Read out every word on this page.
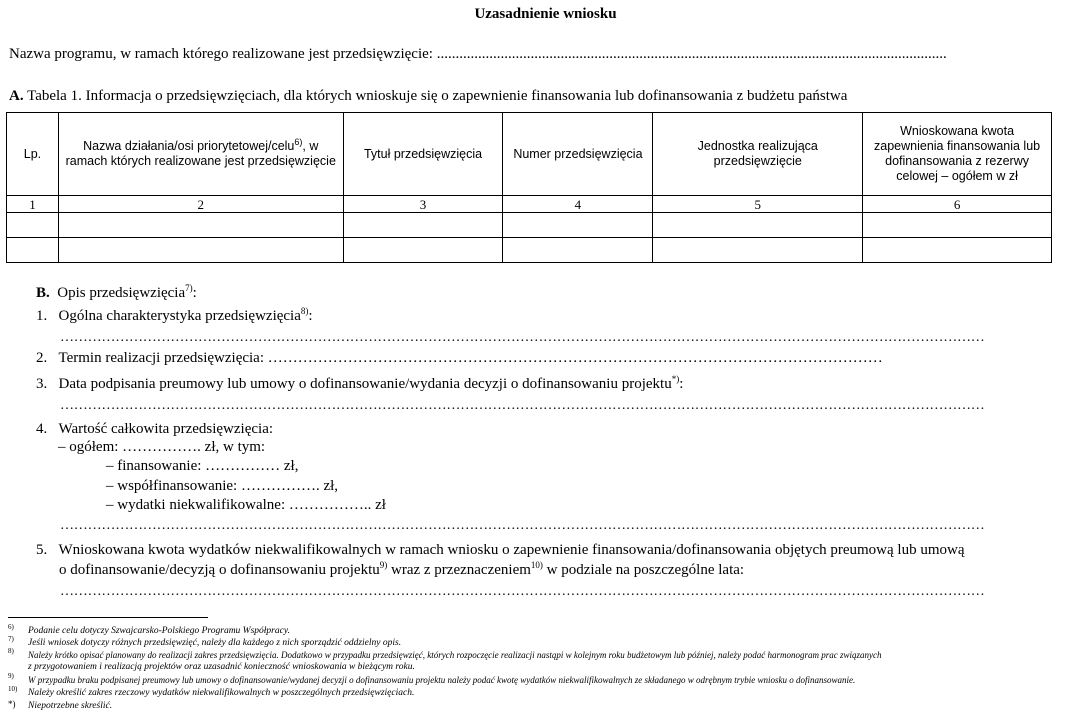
Uzasadnienie wniosku
Nazwa programu, w ramach którego realizowane jest przedsięwzięcie: ........................................................................................................................................
A. Tabela 1. Informacja o przedsięwzięciach, dla których wnioskuje się o zapewnienie finansowania lub dofinansowania z budżetu państwa
Lp.	Nazwa działania/osi priorytetowej/celu$^{6)}$, w ramach których realizowane jest przedsięwzięcie	Tytuł przedsięwzięcia	Numer przedsięwzięcia	Jednostka realizująca przedsięwzięcie	Wnioskowana kwota zapewnienia finansowania lub dofinansowania z rezerwy celowej – ogółem w zł
1	2	3	4	5	6

B. Opis przedsięwzięcia$^{7)}$:
1. Ogólna charakterystyka przedsięwzięcia$^{8)}$:
…………………………………………………………………………………………………………………………………………………………………………………
2. Termin realizacji przedsięwzięcia: ……………………………………………………………………………………………………………
3. Data podpisania preumowy lub umowy o dofinansowanie/wydania decyzji o dofinansowaniu projektu*):
…………………………………………………………………………………………………………………………………………………………………………………
4. Wartość całkowita przedsięwzięcia:
– ogółem: ……………. zł, w tym:
– finansowanie: …………… zł,
– współfinansowanie: ……………. zł,
– wydatki niekwalifikowalne: …………….. zł
…………………………………………………………………………………………………………………………………………………………………………………
5. Wnioskowana kwota wydatków niekwalifikowalnych w ramach wniosku o zapewnienie finansowania/dofinansowania objętych preumową lub umową
o dofinansowanie/decyzją o dofinansowaniu projektu$^{9)}$ wraz z przeznaczeniem$^{10)}$ w podziale na poszczególne lata:
…………………………………………………………………………………………………………………………………………………………………………………
6) Podanie celu dotyczy Szwajcarsko-Polskiego Programu Współpracy.
7) Jeśli wniosek dotyczy różnych przedsięwzięć, należy dla każdego z nich sporządzić oddzielny opis.
8) Należy krótko opisać planowany do realizacji zakres przedsięwzięcia. Dodatkowo w przypadku przedsięwzięć, których rozpoczęcie realizacji nastąpi w kolejnym roku budżetowym lub później, należy podać harmonogram prac związanych
z przygotowaniem i realizacją projektów oraz uzasadnić konieczność wnioskowania w bieżącym roku.
9) W przypadku braku podpisanej preumowy lub umowy o dofinansowanie/wydanej decyzji o dofinansowaniu projektu należy podać kwotę wydatków niekwalifikowalnych ze składanego w odrębnym trybie wniosku o dofinansowanie.
10) Należy określić zakres rzeczowy wydatków niekwalifikowalnych w poszczególnych przedsięwzięciach.
*) Niepotrzebne skreślić.
